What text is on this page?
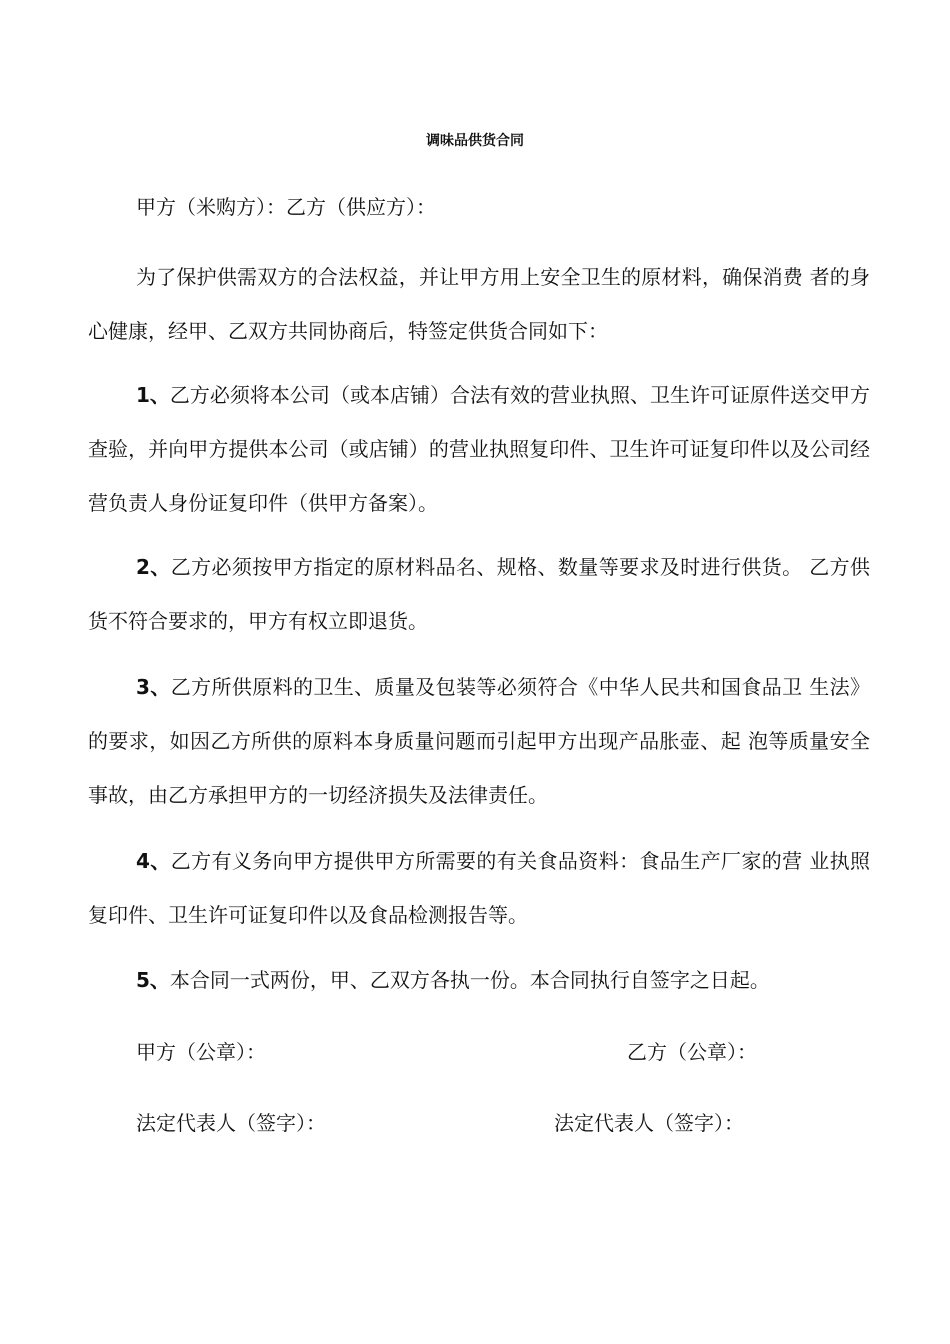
调味品供货合同
甲方（米购方）：乙方（供应方）：
为了保护供需双方的合法权益，并让甲方用上安全卫生的原材料，确保消费 者的身心健康，经甲、乙双方共同协商后，特签定供货合同如下：
1、乙方必须将本公司（或本店铺）合法有效的营业执照、卫生许可证原件送交甲方查验，并向甲方提供本公司（或店铺）的营业执照复印件、卫生许可证复印件以及公司经营负责人身份证复印件（供甲方备案）。
2、乙方必须按甲方指定的原材料品名、规格、数量等要求及时进行供货。 乙方供货不符合要求的，甲方有权立即退货。
3、乙方所供原料的卫生、质量及包装等必须符合《中华人民共和国食品卫 生法》的要求，如因乙方所供的原料本身质量问题而引起甲方出现产品胀壶、起 泡等质量安全事故，由乙方承担甲方的一切经济损失及法律责任。
4、乙方有义务向甲方提供甲方所需要的有关食品资料：食品生产厂家的营 业执照复印件、卫生许可证复印件以及食品检测报告等。
5、本合同一式两份，甲、乙双方各执一份。本合同执行自签字之日起。
甲方（公章）：	乙方（公章）：
法定代表人（签字）：	法定代表人（签字）：
